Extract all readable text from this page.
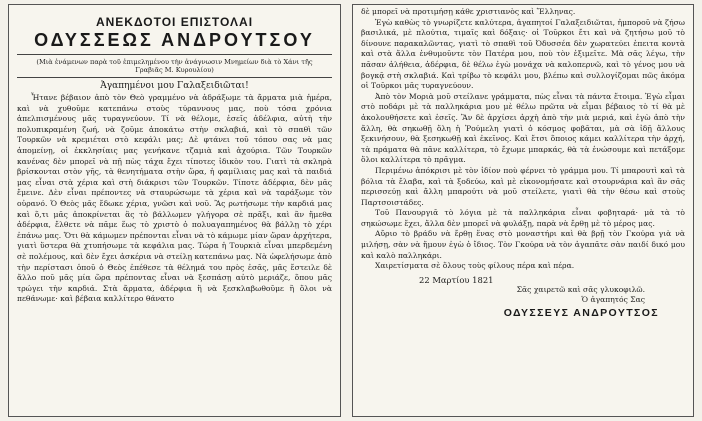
ΑΝΕΚΔΟΤΟΙ ΕΠΙΣΤΟΛΑΙ
ΟΔΥΣΣΕΩΣ ΑΝΔΡΟΥΤΣΟΥ
(Μιὰ ἐνάμενων παρὰ τοῦ ἐπιμελημένου τὴν ἀνάγνωσιν Μνημείων διὰ τὸ Χάνι τῆς Γραβιᾶς Μ. Κυρουλίου)
Ἀγαπημένοι μου Γαλαξειδιῶται!

Ἦτανε βέβαιον ἀπὸ τὸν Θεὸ γραμμένο νὰ ἀδράξωμε τὰ ἄρματα μιὰ ἡμέρα, καὶ νὰ χυθοῦμε κατεπάνω στοὺς τύραννους μας, ποὺ τόσα χρόνια ἀπελπισμένους μᾶς τυραγνεύουν. Τί νὰ θέλομε, ἐσεῖς ἀδέλφια, αὐτὴ τὴν πολυπικραμένη ζωή, νὰ ζοῦμε ἀποκάτω στὴν σκλαβιά, καὶ τὸ σπαθὶ τῶν Τουρκῶν νὰ κρεμιέται στὸ κεφάλι μας; Δὲ φτάνει τοῦ τόπου σας νὰ μας ἀπομείνῃ, οἱ ἐκκλησίαις μας γενήκανε τζαμιὰ καὶ ἀχούρια. Τῶν Τουρκῶν κανένας δὲν μπορεῖ νὰ πῇ πὼς τάχα ἔχει τίποτες ἰδικὸν του. Γιατὶ τὰ σκληρὰ βρίσκονται στὸν γῆς, τὰ θενητήματα στὴν ὥρα, ἡ φαμίλιαις μας καὶ τὰ παιδιά μας εἶναι στὰ χέρια καὶ στὴ διάκρισι τῶν Τουρκῶν. Τίποτε ἀδέρφια, δὲν μᾶς ἔμεινε. Δὲν εἶναι πρέποντες νὰ σταυρώσωμε τὰ χέρια καὶ νὰ ταράξωμε τὸν οὐρανό. Ὁ Θεὸς μᾶς ἔδωκε χέρια, γνῶσι καὶ νοῦ. Ἂς ρωτήσωμε τὴν καρδιά μας καὶ ὅ,τι μᾶς ἀποκρίνεται ἂς τὸ βάλλωμεν γλήγορα σὲ πρᾶξι, καὶ ἂν ἤμεθα ἀδέρφια, ἔλθετε νὰ πᾶμε ἕως τὸ χριστὸ ὁ πολυαγαπημένος θὰ βάλλῃ τὸ χέρι ἐπάνω μας. Ὅτι θὰ κάμωμεν πρέπονται εἶναι νὰ τὸ κάμωμε μίαν ὥραν ἀρχήτερα, γιατὶ ὕστερα θὰ χτυπήσωμε τὰ κεφάλια μας. Τώρα ἡ Τουρκιὰ εἶναι μπερδεμένη σὲ πολέμους, καὶ δὲν ἔχει ἀσκέρια νὰ στείλῃ κατεπάνω μας. Νὰ ὠφελήσωμε ἀπὸ τὴν περίστασι ὁποῦ ὁ Θεὸς ἐπέθεσε τὰ θέλημά του πρὸς ἐσᾶς, μᾶς ἔστειλε δὲ ἄλλο ποῦ μᾶς μία ὥρα πρέποντας εἶναι νὰ ξεσπάσῃ αὐτὸ μεριάζε, ὅπου μᾶς τρώγει τὴν καρδιά. Στὰ ἄρματα, ἀδέρφια ἢ νὰ ξεσκλαβωθοῦμε ἢ ὅλοι νὰ πεθάνωμε· καὶ βέβαια καλλίτερο θάνατο

δὲ μπορεῖ νὰ προτιμήσῃ κάθε χριστιανὸς καὶ Ἕλληνας.

Ἐγὼ καθὼς τὸ γνωρίζετε καλύτερα, ἀγαπητοί Γαλαξειδιῶται, ἠμποροῦ νὰ ζήσω βασιλικά, μὲ πλούτια, τιμαῖς καὶ δόξαις· οἱ Τοῦρκοι ἔτι καὶ νὰ ζητήσω μοῦ τὸ δίνουνε παρακαλῶντας, γιατὶ τὸ σπαθὶ τοῦ Ὀδυσσέα δὲν χωρατεύει ἐπειτα κοντὰ καὶ στὰ ἄλλα ἐνθυμοῦντε τὸν Πατέρα μου, ποὺ τὸν ἐξιμεῖτε. Μὰ σᾶς λέγω, τὴν πᾶσαν ἀλήθεια, ἀδέρφια, δὲ θέλω ἐγὼ μονάχα νὰ καλοπερνῶ, καὶ τὸ γένος μου νὰ βογκᾷ στὴ σκλαβιά. Καὶ τρίβω τὸ κεφάλι μου, βλέπω καὶ συλλογίζομαι πῶς ἀκόμα οἱ Τοῦρκοι μᾶς τυραγνεύουν.

Ἀπὸ τὸν Μοριὰ μοῦ στείλανε γράμματα, πὼς εἶναι τὰ πάντα ἕτοιμα. Ἐγὼ εἶμαι στὸ ποδάρι μὲ τὰ παλληκάρια μου μὲ θέλω πρῶτα νὰ εἶμαι βέβαιος τὸ τί θὰ μὲ ἀκολουθήσετε καὶ ἐσεῖς. Ἂν δὲ ἀρχίσει ἀρχὴ ἀπὸ τὴν μιὰ μεριά, καὶ ἐγὼ ἀπὸ τὴν ἄλλη, θὰ σηκωθῇ ὅλη ἡ Ῥούμελη γιατὶ ὁ κόσμος φοβᾶται, μὰ σὰ ἰδῇ ἄλλους ξεκινήσουν, θὰ ξεσηκωθῇ καὶ ἐκεῖνος. Καὶ ἔτσι ὅποιος κάμει καλλίτερα τὴν ἀρχή, τὰ πράματα θὰ πᾶνε καλλίτερα, τὸ ἔχωμε μπαρκάς, θὰ τὰ ἑνώσουμε καὶ πετάξομε ὅλοι καλλίτερα τὸ πρᾶγμα.

Περιμένω ἀπόκρισι μὲ τὸν ἰδίον ποὺ φέρνει τὸ γράμμα μου. Τί μπαρουτὶ καὶ τὰ βόλια τὰ ἔλαβα, καὶ τὰ ξοδεύω, καὶ μὲ εἰκονομήσατε καὶ στουρνάρια καὶ ἂν σᾶς περισσεύῃ καὶ ἄλλη μπαρούτι νὰ μοῦ στείλετε, γιατὶ θὰ τὴν θέσω καὶ στοὺς Παρτσοιστάδες.

Τοῦ Πανουργιᾶ τὸ λόγια μὲ τὰ παλληκάρια εἶναι φοβηταρά· μὰ τὰ τὸ σηκώσωμε ἔχει, ἄλλα δὲν μπορεῖ νὰ φυλάξῃ, παρὰ νὰ ἔρθῃ μὲ τὸ μέρος μας.

Αὔριο τὸ βράδυ νὰ ἔρθῃ ἕνας στὸ μοναστήρι καὶ θὰ βρῇ τὸν Γκούρα γιὰ νὰ μιλήσῃ, σὰν νὰ ἤμουν ἐγὼ ὁ ἴδιος. Τὸν Γκούρα νὰ τὸν ἀγαπᾶτε σὰν παιδί δικό μου καὶ καλὸ παλληκάρι.

Χαιρετίσματα σὲ ὅλους τοὺς φίλους πέρα καὶ πέρα.

22 Μαρτίου 1821
Σᾶς χαιρετῶ καὶ σᾶς γλυκοφιλῶ.
Ὁ ἀγαπητός Σας
ΟΔΥΣΣΕΥΣ ΑΝΔΡΟΥΤΣΟΣ
